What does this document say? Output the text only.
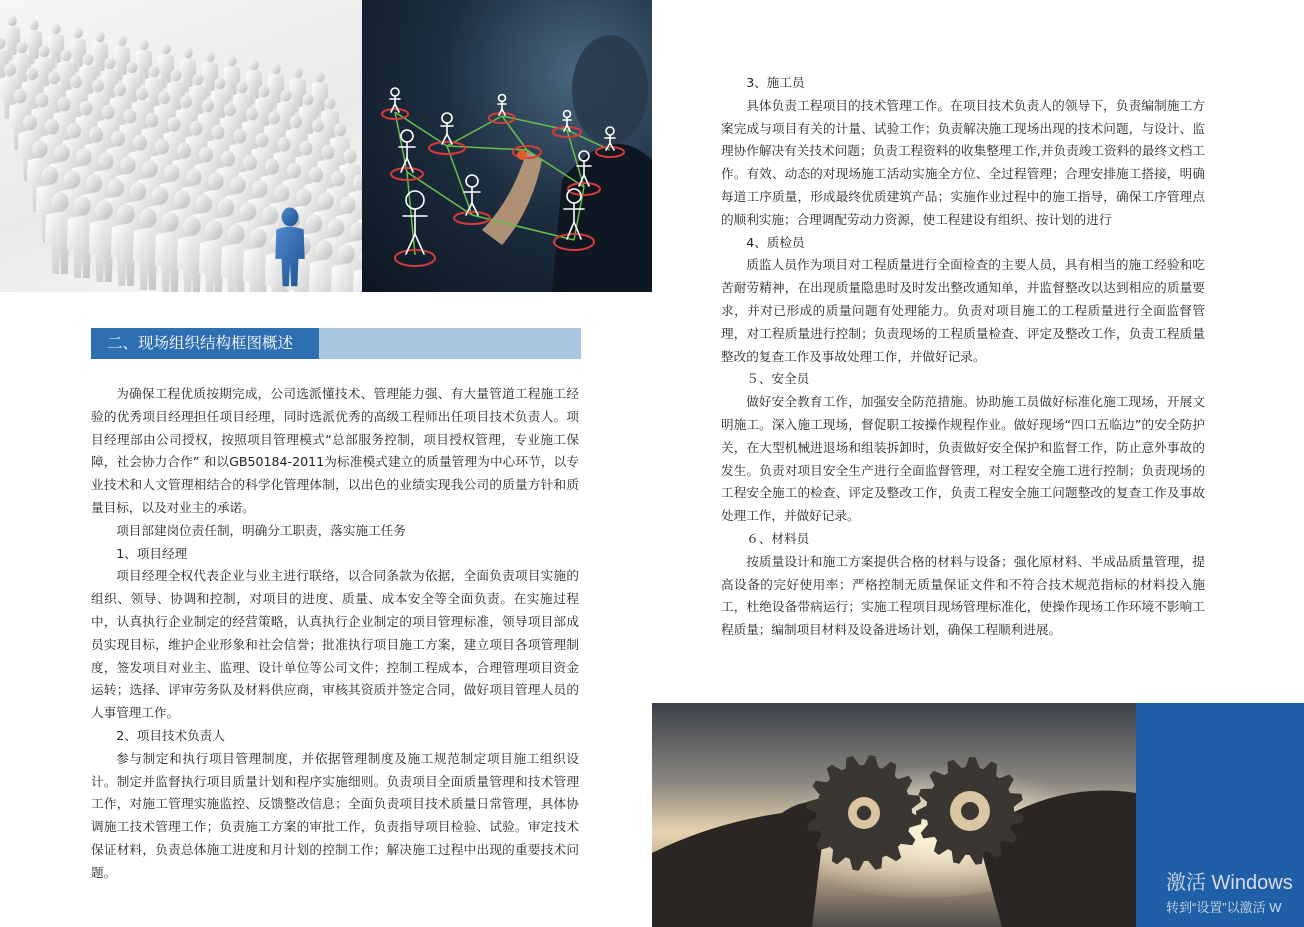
二、现场组织结构框图概述

为确保工程优质按期完成，公司选派懂技术、管理能力强、有大量管道工程施工经验的优秀项目经理担任项目经理，同时选派优秀的高级工程师出任项目技术负责人。项目经理部由公司授权，按照项目管理模式“总部服务控制，项目授权管理，专业施工保障，社会协力合作” 和以GB50184-2011为标准模式建立的质量管理为中心环节，以专业技术和人文管理相结合的科学化管理体制，以出色的业绩实现我公司的质量方针和质量目标，以及对业主的承诺。

项目部建岗位责任制，明确分工职责，落实施工任务

1、项目经理

项目经理全权代表企业与业主进行联络，以合同条款为依据，全面负责项目实施的组织、领导、协调和控制，对项目的进度、质量、成本安全等全面负责。在实施过程中，认真执行企业制定的经营策略，认真执行企业制定的项目管理标准，领导项目部成员实现目标，维护企业形象和社会信誉；批准执行项目施工方案，建立项目各项管理制度，签发项目对业主、监理、设计单位等公司文件；控制工程成本，合理管理项目资金运转；选择、评审劳务队及材料供应商，审核其资质并签定合同，做好项目管理人员的人事管理工作。

2、项目技术负责人

参与制定和执行项目管理制度，并依据管理制度及施工规范制定项目施工组织设计。制定并监督执行项目质量计划和程序实施细则。负责项目全面质量管理和技术管理工作，对施工管理实施监控、反馈整改信息；全面负责项目技术质量日常管理，具体协调施工技术管理工作；负责施工方案的审批工作，负责指导项目检验、试验。审定技术保证材料，负责总体施工进度和月计划的控制工作；解决施工过程中出现的重要技术问题。

3、施工员

具体负责工程项目的技术管理工作。在项目技术负责人的领导下，负责编制施工方案完成与项目有关的计量、试验工作；负责解决施工现场出现的技术问题，与设计、监理协作解决有关技术问题；负责工程资料的收集整理工作,并负责竣工资料的最终文档工作。有效、动态的对现场施工活动实施全方位、全过程管理；合理安排施工搭接，明确每道工序质量，形成最终优质建筑产品；实施作业过程中的施工指导，确保工序管理点的顺利实施；合理调配劳动力资源，使工程建设有组织、按计划的进行

4、质检员

质监人员作为项目对工程质量进行全面检查的主要人员，具有相当的施工经验和吃苦耐劳精神，在出现质量隐患时及时发出整改通知单，并监督整改以达到相应的质量要求，并对已形成的质量问题有处理能力。负责对项目施工的工程质量进行全面监督管理，对工程质量进行控制；负责现场的工程质量检查、评定及整改工作，负责工程质量整改的复查工作及事故处理工作，并做好记录。

５、安全员

做好安全教育工作，加强安全防范措施。协助施工员做好标准化施工现场，开展文明施工。深入施工现场，督促职工按操作规程作业。做好现场“四口五临边”的安全防护关，在大型机械进退场和组装拆卸时，负责做好安全保护和监督工作，防止意外事故的发生。负责对项目安全生产进行全面监督管理，对工程安全施工进行控制；负责现场的工程安全施工的检查、评定及整改工作，负责工程安全施工问题整改的复查工作及事故处理工作，并做好记录。

６、材料员

按质量设计和施工方案提供合格的材料与设备；强化原材料、半成品质量管理，提高设备的完好使用率；严格控制无质量保证文件和不符合技术规范指标的材料投入施工，杜绝设备带病运行；实施工程项目现场管理标准化，使操作现场工作环境不影响工程质量；编制项目材料及设备进场计划，确保工程顺利进展。

激活 Windows
转到“设置”以激活 W
